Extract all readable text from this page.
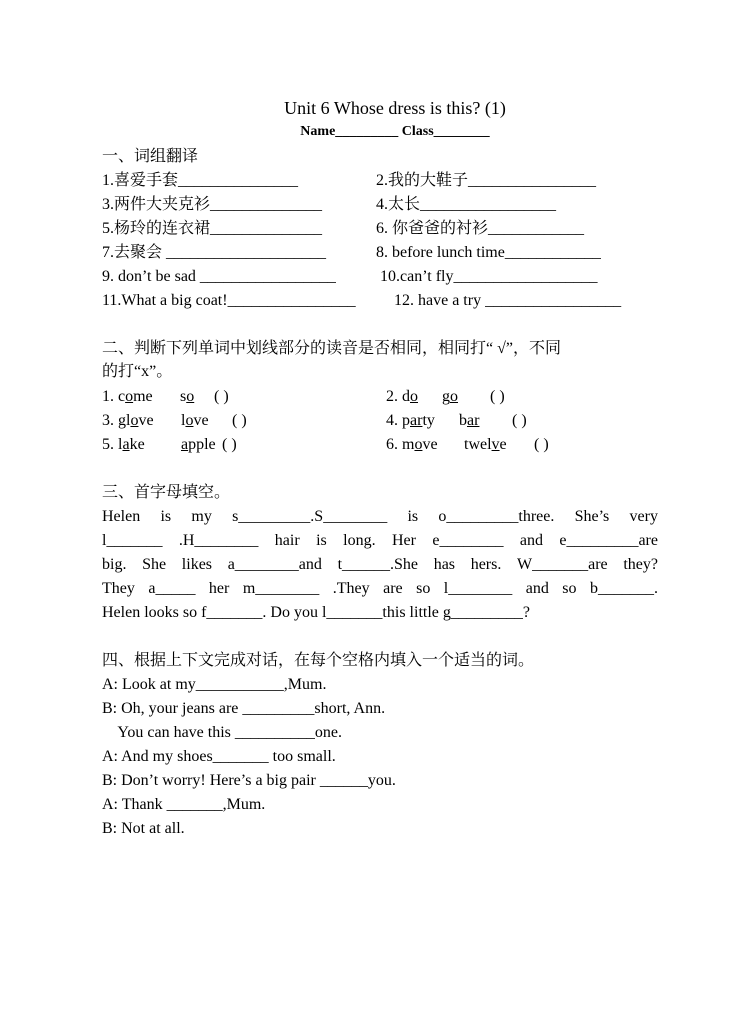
Unit 6 Whose dress is this? (1)
Name_________ Class________
一、词组翻译
1.喜爱手套_______________	2.我的大鞋子________________
3.两件大夹克衫______________	4.太长_________________
5.杨玲的连衣裙______________	6. 你爸爸的衬衫____________
7.去聚会 ____________________	8. before lunch time____________
9. don’t be sad _________________	10.can’t fly__________________
11.What a big coat!________________ 12. have a try _________________
二、判断下列单词中划线部分的读音是否相同，相同打“ √”，不同
的打“x”。
1. come so ( )	2. do go ( )
3. glove love ( )	4. party bar ( )
5. lake apple ( )	6. move twelve ( )
三、首字母填空。
Helen is my s_________.S________ is o_________three. She’s very
l_______ .H________ hair is long. Her e________ and e_________are
big. She likes a________and t______.She has hers. W_______are they?
They a_____ her m________ .They are so l________ and so b_______.
Helen looks so f_______. Do you l_______this little g_________?
四、根据上下文完成对话，在每个空格内填入一个适当的词。
A: Look at my___________,Mum.
B: Oh, your jeans are _________short, Ann.
You can have this __________one.
A: And my shoes_______ too small.
B: Don’t worry! Here’s a big pair ______you.
A: Thank _______,Mum.
B: Not at all.
